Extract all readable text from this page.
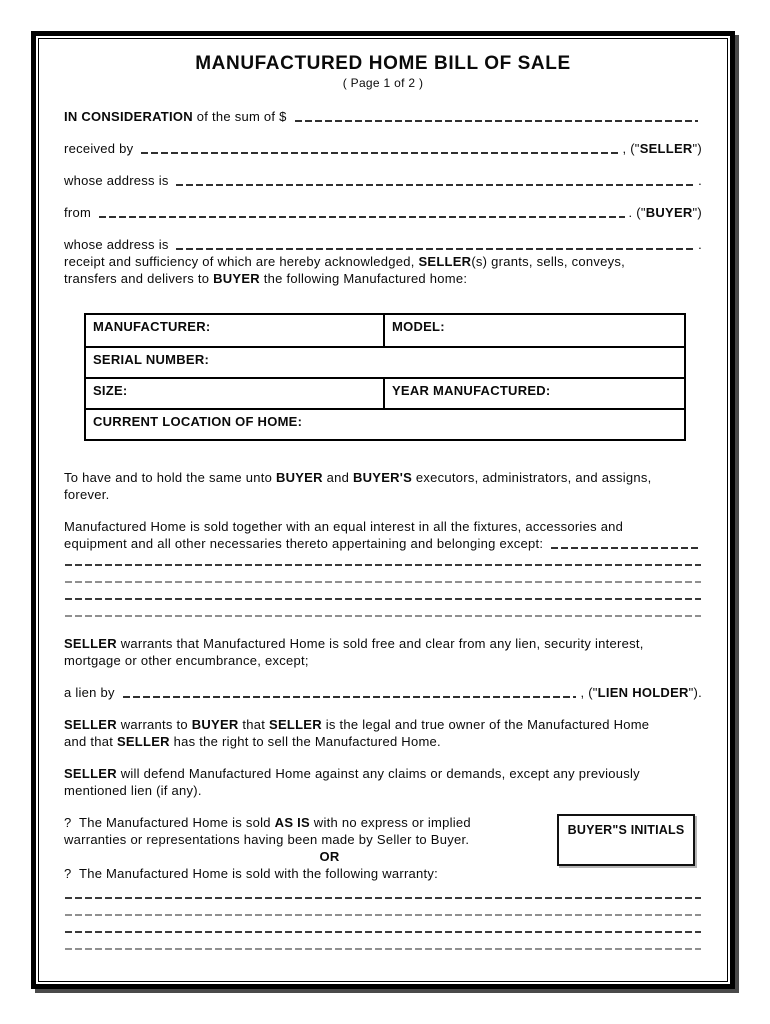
MANUFACTURED HOME BILL OF SALE
( Page 1 of 2 )
IN CONSIDERATION of the sum of $
received by	, (" SELLER ")
whose address is	.
from	. (" BUYER ")
whose address is	.
receipt and sufficiency of which are hereby acknowledged, SELLER(s) grants, sells, conveys,
transfers and delivers to BUYER the following Manufactured home:
MANUFACTURER:	MODEL:
SERIAL NUMBER:
SIZE:	YEAR MANUFACTURED:
CURRENT LOCATION OF HOME:
To have and to hold the same unto BUYER and BUYER'S executors, administrators, and assigns,
forever.
Manufactured Home is sold together with an equal interest in all the fixtures, accessories and
equipment and all other necessaries thereto appertaining and belonging except:
SELLER warrants that Manufactured Home is sold free and clear from any lien, security interest,
mortgage or other encumbrance, except;
a lien by	, (" LIEN HOLDER ").
SELLER warrants to BUYER that SELLER is the legal and true owner of the Manufactured Home
and that SELLER has the right to sell the Manufactured Home.
SELLER will defend Manufactured Home against any claims or demands, except any previously
mentioned lien (if any).
?  The Manufactured Home is sold AS IS with no express or implied
warranties or representations having been made by Seller to Buyer.
OR
?  The Manufactured Home is sold with the following warranty:
BUYER"S INITIALS
